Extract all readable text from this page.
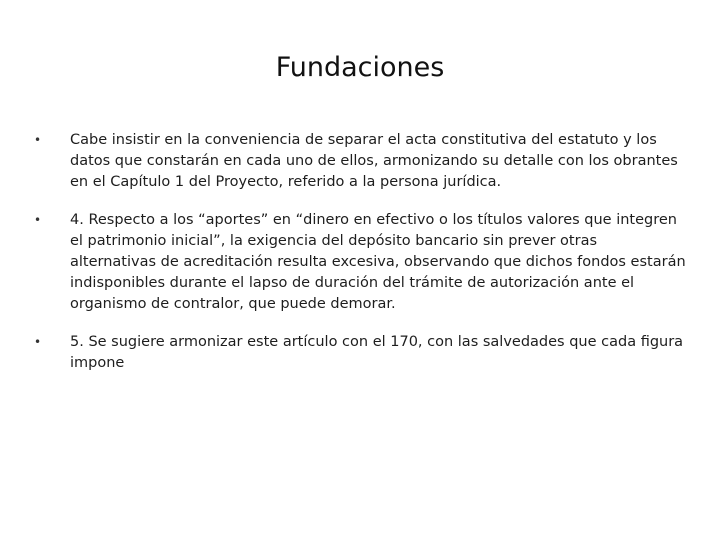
Fundaciones
• Cabe insistir en la conveniencia de separar el acta constitutiva del estatuto y los datos que constarán en cada uno de ellos, armonizando su detalle con los obrantes en el Capítulo 1 del Proyecto, referido a la persona jurídica.
• 4. Respecto a los “aportes” en “dinero en efectivo o los títulos valores que integren el patrimonio inicial”, la exigencia del depósito bancario sin prever otras alternativas de acreditación resulta excesiva, observando que dichos fondos estarán indisponibles durante el lapso de duración del trámite de autorización ante el organismo de contralor, que puede demorar.
• 5. Se sugiere armonizar este artículo con el 170, con las salvedades que cada figura impone
